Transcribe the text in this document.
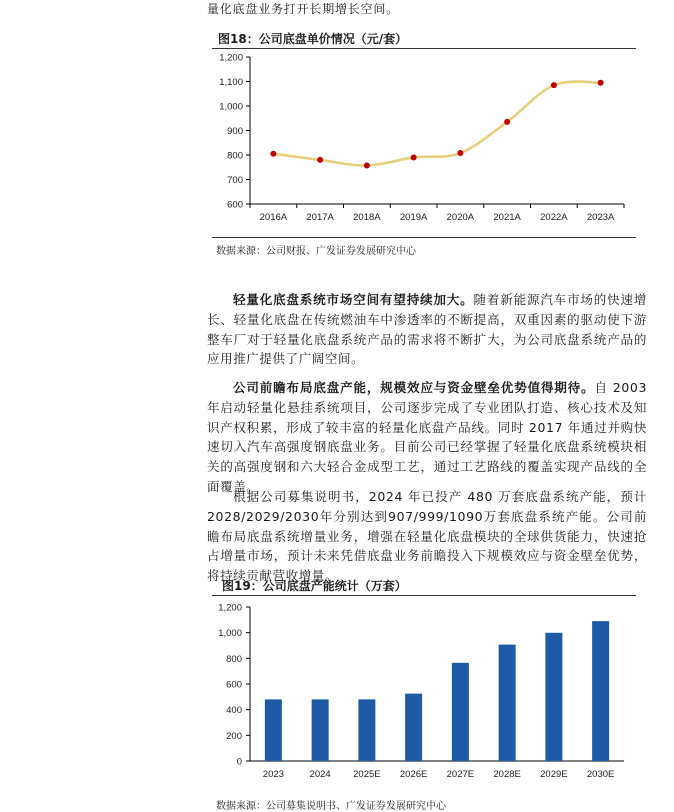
量化底盘业务打开长期增长空间。
图18：公司底盘单价情况（元/套）
600
700
800
900
1,000
1,100
1,200
2016A 2017A 2018A 2019A 2020A 2021A 2022A 2023A
数据来源：公司财报、广发证券发展研究中心
轻量化底盘系统市场空间有望持续加大。随着新能源汽车市场的快速增长、轻量化底盘在传统燃油车中渗透率的不断提高，双重因素的驱动使下游整车厂对于轻量化底盘系统产品的需求将不断扩大，为公司底盘系统产品的应用推广提供了广阔空间。
公司前瞻布局底盘产能，规模效应与资金壁垒优势值得期待。自 2003 年启动轻量化悬挂系统项目，公司逐步完成了专业团队打造、核心技术及知识产权积累，形成了较丰富的轻量化底盘产品线。同时 2017 年通过并购快速切入汽车高强度钢底盘业务。目前公司已经掌握了轻量化底盘系统模块相关的高强度钢和六大轻合金成型工艺，通过工艺路线的覆盖实现产品线的全面覆盖。
根据公司募集说明书，2024 年已投产 480 万套底盘系统产能，预计2028/2029/2030年分别达到907/999/1090万套底盘系统产能。公司前瞻布局底盘系统增量业务，增强在轻量化底盘模块的全球供货能力，快速抢占增量市场，预计未来凭借底盘业务前瞻投入下规模效应与资金壁垒优势，将持续贡献营收增量。
图19：公司底盘产能统计（万套）
0
200
400
600
800
1,000
1,200
2023	2024 2025E 2026E 2027E 2028E 2029E 2030E
数据来源：公司募集说明书、广发证券发展研究中心
